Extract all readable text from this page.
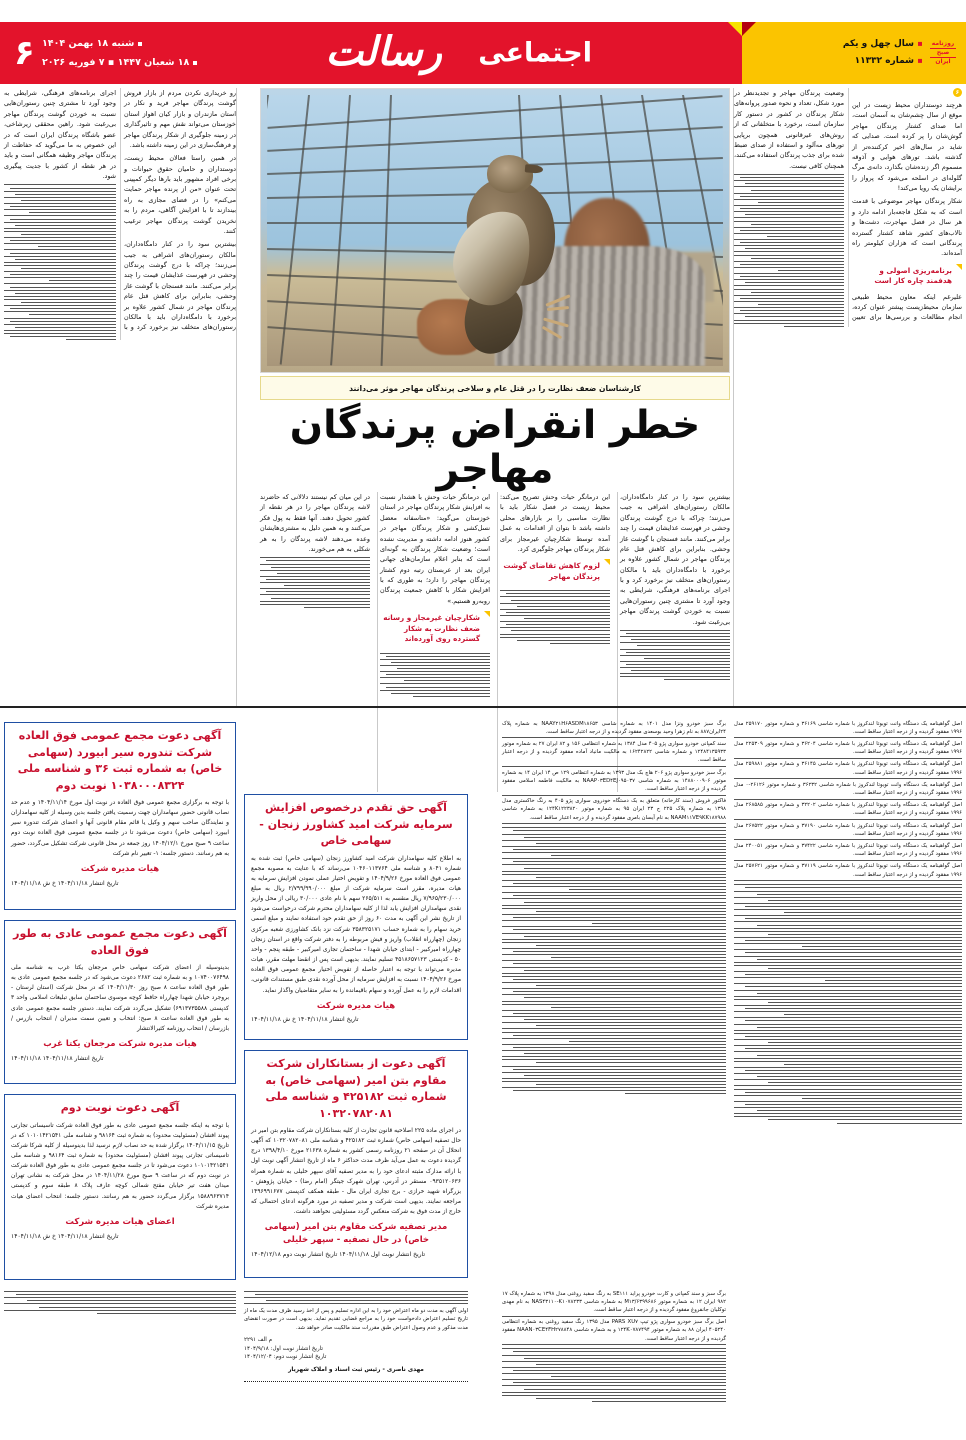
روزنامه
صبح
ایران
سال چهل و یکم
شماره ۱۱۳۳۲
رسالت اجتماعی
۶ شنبه ۱۸ بهمن ۱۴۰۴
۱۸ شعبان ۱۴۴۷ ▪ ۷ فوریه ۲۰۲۶
۶
هرچند دوستداران محیط زیست در این موقع از سال چشم‌شان به آسمان است، اما صدای کشتار پرندگان مهاجر گوش‌شان را پر کرده است. صدایی که شاید در سال‌های اخیر کرکننده‌تر از گذشته باشد. تورهای هوایی و آذوقه مسموم اگر زنده‌شان بگذارد، دانه‌ی مرگ گلوله‌ای در اسلحه می‌شود که پرواز را برایشان یک رویا می‌کند!
شکار پرندگان مهاجر موضوعی با قدمت است که به شکل فاجعه‌بار ادامه دارد و هر سال در فصل مهاجرت، دشت‌ها و تالاب‌های کشور شاهد کشتار گسترده پرندگانی است که هزاران کیلومتر راه آمده‌اند.
برنامه‌ریزی اصولی و هدفمند چاره کار است
علیرغم اینکه معاون محیط طبیعی سازمان محیط‌زیست پیشتر عنوان کرده، انجام مطالعات و بررسی‌ها برای تعیین وضعیت پرندگان مهاجر و تجدیدنظر در مورد شکل، تعداد و نحوه صدور پروانه‌های شکار پرندگان در کشور در دستور کار سازمان است، برخورد با متخلفانی که از روش‌های غیرقانونی همچون برپایی تورهای مه‌آلود و استفاده از صدای ضبط شده برای جذب پرندگان استفاده می‌کنند، همچنان کافی نیست.
کارشناسان ضعف نظارت را در قتل عام و سلاخی پرندگان مهاجر موثر می‌دانند
خطر انقراض پرندگان مهاجر
بیشترین سود را در کنار دامگاه‌داران، مالکان رستوران‌های اشرافی به جیب می‌زنند؛ چراکه با درج گوشت پرندگان وحشی در فهرست غذایشان قیمت را چند برابر می‌کنند. مانند فسنجان با گوشت غاز وحشی. بنابراین برای کاهش قتل عام پرندگان مهاجر در شمال کشور علاوه بر برخورد با دامگاه‌داران باید با مالکان رستوران‌های متخلف نیز برخورد کرد و با اجرای برنامه‌های فرهنگی، شرایطی به وجود آورد تا مشتری چنین رستوران‌هایی نسبت به خوردن گوشت پرندگان مهاجر بی‌رغبت شود.
این درمانگر حیات وحش تصریح می‌کند: محیط زیست در فصل شکار باید با نظارت مناسبی را بر بازارهای محلی داشته باشد تا بتوان از اقدامات به عمل آمده توسط شکارچیان غیرمجاز برای شکار پرندگان مهاجر جلوگیری کرد.
لزوم کاهش تقاضای گوشت پرندگان مهاجر
این درمانگر حیات وحش با هشدار نسبت به افزایش شکار پرندگان مهاجر در استان خوزستان می‌گوید: «متاسفانه معضل نسل‌کشی و شکار پرندگان مهاجر در کشور هنوز ادامه داشته و مدیریت نشده است؛ وضعیت شکار پرندگان به گونه‌ای است که بنابر اعلام سازمان‌های جهانی ایران بعد از عربستان رتبه دوم کشتار پرندگان مهاجر را دارد؛ به طوری که با افزایش شکار با کاهش جمعیت پرندگان روبه‌رو هستیم.»
شکارچیان غیرمجاز و رسانه ضعف نظارت به شکار گسترده روی آورده‌اند
در این میان کم نیستند دلالانی که حاضرند لاشه پرندگان مهاجر را در هر نقطه از کشور تحویل دهند. آنها فقط به پول فکر می‌کنند و به همین دلیل به مشتری‌هایشان وعده می‌دهند لاشه پرندگان را به هر شکلی به هم می‌خورند.
رو خریداری نکردن مردم از بازار فروش گوشت پرندگان مهاجر فرید و نکار در استان مازندران و بازار کیان اهواز استان خوزستان می‌تواند نقش مهم و تاثیرگذاری در زمینه جلوگیری از شکار پرندگان مهاجر و فرهنگ‌سازی در این زمینه داشته باشد.
در همین راستا فعالان محیط زیست، دوستداران و حامیان حقوق حیوانات و برخی افراد مشهور باید بارها دیگر کمپینی تحت عنوان «من از پرنده مهاجر حمایت می‌کنم» را در فضای مجازی به راه بیندازند تا با افزایش آگاهی، مردم را به نخریدن گوشت پرندگان مهاجر ترغیب کنند.
بیشترین سود را در کنار دامگاه‌داران، مالکان رستوران‌های اشرافی به جیب می‌زنند؛ چراکه با درج گوشت پرندگان وحشی در فهرست غذایشان قیمت را چند برابر می‌کنند. مانند فسنجان با گوشت غاز وحشی، بنابراین برای کاهش قتل عام پرندگان مهاجر در شمال کشور علاوه بر برخورد با دامگاه‌داران باید با مالکان رستوران‌های متخلف نیز برخورد کرد و با اجرای برنامه‌های فرهنگی، شرایطی به وجود آورد تا مشتری چنین رستوران‌هایی نسبت به خوردن گوشت پرندگان مهاجر بی‌رغبت شود. راهین محققی زیرشاخی، عضو باشگاه پرندگان ایران است که در این خصوص به ما می‌گوید که حفاظت از پرندگان مهاجر وظیفه همگانی است و باید در هر نقطه از کشور با جدیت پیگیری شود.
آگهی دعوت مجمع عمومی فوق العاده شرکت تندوره سیر ابیورد (سهامی خاص) به شماره ثبت ۳۶ و شناسه ملی ۱۰۳۸۰۰۰۸۳۲۴ نوبت دوم
با توجه به برگزاری مجمع عمومی فوق العاده در نوبت اول مورخ ۱۴۰۴/۱۱/۱۴ و عدم حد نصاب قانونی حضور سهامداران جهت رسمیت یافتن جلسه بدین وسیله از کلیه سهامداران و نمایندگان صاحب سهم و وکیل یا قائم مقام قانونی آنها و اعضای شرکت تندوره سیر ابیورد (سهامی خاص) دعوت می‌شود تا در جلسه مجمع عمومی فوق العاده نوبت دوم ساعت ۹ صبح مورخ ۱۴۰۴/۱۲/۱ روز جمعه در محل قانونی شرکت تشکیل می‌گردد، حضور به هم رسانند. دستور جلسه: ۱- تغییر نام شرکت
هیات مدیره شرکت
تاریخ انتشار ۱۴۰۴/۱۱/۱۸ خ ش ۱۴۰۴/۱۱/۱۸
آگهی دعوت مجمع عمومی عادی به طور فوق العاده
بدینوسیله از اعضای شرکت سهامی خاص مرجعان یکتا غرب به شناسه ملی ۱۰۷۴۰۰۷۶۴۹۸ و به شماره ثبت ۲۶۸۲ دعوت می‌شود که در جلسه مجمع عمومی عادی به طور فوق العاده ساعت ۸ صبح روز ۱۴۰۴/۱۱/۳۰ که در محل شرکت (استان لرستان - بروجرد خیابان شهدا چهارراه حافظ کوچه موسوی ساختمان سابق تبلیغات اسلامی واحد ۳ کدپستی ۶۹۱۳۷۳۵۵۸۸) تشکیل می‌گردد شرکت نمایند. دستور جلسه مجمع عمومی عادی به طور فوق العاده ساعت ۸ صبح: انتخاب و تعیین سمت مدیران / انتخاب بازرس / بازرسان / انتخاب روزنامه کثیرالانتشار
هیات مدیره شرکت مرجعان یکتا غرب
تاریخ انتشار ۱۴۰۴/۱۱/۱۸ ۱۴۰۴/۱۱/۱۸
آگهی دعوت نوبت دوم
با توجه به اینکه جلسه مجمع عمومی عادی به طور فوق العاده شرکت تاسیساتی تجارتی پیوند افشان (مسئولیت محدود) به شماره ثبت ۹۸۱۶۴ و شناسه ملی ۱۰۱۰۱۴۲۱۵۴۱ که در تاریخ ۱۴۰۴/۱۱/۱۵ برگزار شده به حد نصاب لازم نرسید لذا بدینوسیله از کلیه شرکا شرکت تاسیساتی تجارتی پیوند افشان (مسئولیت محدود) به شماره ثبت ۹۸۱۶۴ و شناسه ملی ۱۰۱۰۱۴۲۱۵۴۱ دعوت می‌شود تا در جلسه مجمع عمومی عادی به طور فوق العاده شرکت در نوبت دوم که در ساعت ۹ صبح مورخ ۱۴۰۴/۱۱/۲۸ در محل شرکت به نشانی تهران میدان هفت تیر خیابان مفتح شمالی کوچه عارف پلاک ۸ طبقه سوم و کدپستی ۱۵۸۸۹۶۳۷۱۴ برگزار می‌گردد حضور به هم رسانند. دستور جلسه: انتخاب اعضای هیات مدیره شرکت
اعضای هیات مدیره شرکت
تاریخ انتشار ۱۴۰۴/۱۱/۱۸ خ ش ۱۴۰۴/۱۱/۱۸
آگهی حق تقدم درخصوص افزایش سرمایه شرکت امید کشاورز زنجان - سهامی خاص
به اطلاع کلیه سهامداران شرکت امید کشاورز زنجان (سهامی خاص) ثبت شده به شماره ۸۰۴۱ و شناسه ملی ۱۰۴۶۰۱۱۳۷۶۴ می‌رساند که با عنایت به مصوبه مجمع عمومی فوق العاده مورخ ۱۴۰۴/۹/۲۶ و تفویض اختیار عملی نمودن افزایش سرمایه به هیات مدیره، مقرر است سرمایه شرکت از مبلغ ۲/۷۹۹/۹۹۰/۰۰۰ ریال به مبلغ ۷/۹۶۵/۲۳۰/۰۰۰ ریال منقسم به ۲۶۵/۵۱۱ سهم با نام عادی ۳۰/۰۰۰ ریالی از محل واریز نقدی سهامداران افزایش یابد لذا از کلیه سهامداران محترم شرکت درخواست می‌شود از تاریخ نشر این آگهی به مدت ۶۰ روز از حق تقدم خود استفاده نمایند و مبلغ اسمی خرید سهام را به شماره حساب ۳۵۸۳۲۵۱۷۱ شرکت نزد بانک کشاورزی شعبه مرکزی زنجان (چهارراه انقلاب) واریز و فیش مربوطه را به دفتر شرکت واقع در استان زنجان چهارراه امیرکبیر - ابتدای خیابان شهدا - ساختمان تجاری امیرکبیر - طبقه پنجم - واحد ۵۰ - کدپستی ۴۵۱۸۶۵۷۱۲۳ تسلیم نمایند. بدیهی است پس از انقضا مهلت مقرر، هیات مدیره می‌تواند با توجه به اعتبار حاصله از تفویض اختیار مجمع عمومی فوق العاده مورخ ۱۴۰۴/۹/۲۶ نسبت به افزایش سرمایه از محل آورده نقدی طبق مستندات قانونی، اقدامات لازم را به عمل آورده و سهام باقیمانده را به سایر متقاضیان واگذار نماید.
هیات مدیره شرکت
تاریخ انتشار ۱۴۰۴/۱۱/۱۸ خ ش ۱۴۰۴/۱۱/۱۸
آگهی دعوت از بستانکاران شرکت مقاوم بتن امیر (سهامی خاص) به شماره ثبت ۴۲۵۱۸۲ و شناسه ملی ۱۰۳۲۰۷۸۲۰۸۱
در اجرای ماده ۲۲۵ اصلاحیه قانون تجارت از کلیه بستانکاران شرکت مقاوم بتن امیر در حال تصفیه (سهامی خاص) شماره ثبت ۴۲۵۱۸۲ و شناسه ملی ۱۰۳۲۰۷۸۲۰۸۱ که آگهی انحلال آن در صفحه ۲۱ روزنامه رسمی کشور به شماره ۲۱۶۳۸ مورخ ۱۳۹۸/۴/۱۰ درج گردیده دعوت به عمل می‌آید ظرف مدت حداکثر ۶ ماه از تاریخ انتشار آگهی نوبت اول با ارائه مدارک مثبته ادعای خود را به مدیر تصفیه آقای سپهر خلیلی به شماره همراه ۰۹۳۵۱۲۰۶۳۶ مستقر در آدرس، تهران شهرک جیتگر (امام رضا) - خیابان پژوهش - بزرگراه شهید خرازی - برج تجاری ایران مال - طبقه همکف کدپستی ۱۴۹۶۹۹۱۶۷۷ مراجعه نمایند. بدیهی است شرکت و مدیر تصفیه در مورد هرگونه ادعای احتمالی که خارج از مدت فوق به شرکت منعکس گردد مسئولیتی نخواهند داشت.
مدیر تصفیه شرکت مقاوم بتن امیر (سهامی خاص) در حال تصفیه - سپهر خلیلی
تاریخ انتشار نوبت اول ۱۴۰۴/۱۱/۱۸ تاریخ انتشار نوبت دوم ۱۴۰۴/۱۲/۱۸
اصل گواهینامه یک دستگاه وانت تویوتا لندکروز با شماره شاسی ۳۶۱۶۹ و شماره موتور ۲۵۹۱۷۰ مدل ۱۹۹۶ مفقود گردیده و از درجه اعتبار ساقط است.
اصل گواهینامه یک دستگاه وانت تویوتا لندکروز با شماره شاسی ۳۶۲۰۴ و شماره موتور ۲۲۵۳۰۹ مدل ۱۹۹۶ مفقود گردیده و از درجه اعتبار ساقط است.
اصل گواهینامه یک دستگاه وانت تویوتا لندکروز با شماره شاسی ۳۶۱۴۵ و شماره موتور ۲۵۹۸۸۱ مدل ۱۹۹۶ مفقود گردیده و از درجه اعتبار ساقط است.
اصل گواهینامه یک دستگاه وانت تویوتا لندکروز با شماره شاسی ۳۶۲۳۲ و شماره موتور ۲۶۱۲۶-۰ مدل ۱۹۹۶ مفقود گردیده و از درجه اعتبار ساقط است.
اصل گواهینامه یک دستگاه وانت تویوتا لندکروز با شماره شاسی ۳۲۲۰۲ و شماره موتور ۲۶۸۵۸۵ مدل ۱۹۹۶ مفقود گردیده و از درجه اعتبار ساقط است.
اصل گواهینامه یک دستگاه وانت تویوتا لندکروز با شماره شاسی ۳۷۱۹۰ و شماره موتور ۲۶۷۵۲۲ مدل ۱۹۹۶ مفقود گردیده و از درجه اعتبار ساقط است.
اصل گواهینامه یک دستگاه وانت تویوتا لندکروز با شماره شاسی ۳۷۴۲۲ و شماره موتور ۲۴۰۰۵۱ مدل ۱۹۹۶ مفقود گردیده و از درجه اعتبار ساقط است.
اصل گواهینامه یک دستگاه وانت تویوتا لندکروز با شماره شاسی ۳۷۱۱۹ و شماره موتور ۲۵۷۶۲۱ مدل ۱۹۹۶ مفقود گردیده و از درجه اعتبار ساقط است.
برگ سبز خودرو ونزا مدل ۱۴۰۱ به شماره شاسی NAAY۲۱H۶ASDM۱۸۶۵۳ به شماره پلاک ۲۴ایران۸۸۷ به نام زهرا وحید بوسعدی مفقود گردیده و از درجه اعتبار ساقط است.
سند کمپانی خودرو سواری پژو ۴۰۵ مدل ۱۳۸۴ به شماره انتظامی ۱۵۶ و ۸۲ ایران ۲۷ به شماره موتور ۱۲۴۸۴۱۳۵۹۳۳ و شماره شاسی ۱۶۲۴۲۸۲۲ به مالکیت مانیاد آماده مفقود گردیده و از درجه اعتبار ساقط است.
برگ سبز خودرو سواری پژو ۲۰۶ هاچ بک مدل ۱۳۹۳ به شماره انتظامی ۱۲۹ ص ۱۴ ایران ۱۴ به شماره موتور ۱۴۸۸۰۰۰۹۰۶ به شماره شاسی NAAP۰۳ED۴EJ۰۹۵۰۳۷ به مالکیت فاطمه اسلامی مفقود گردیده و از درجه اعتبار ساقط است.
فاکتور فروش (سند کارخانه) متعلق به یک دستگاه خودروی سواری پژو ۴۰۵ به رنگ خاکستری مدل ۱۳۹۸ به شماره پلاک ۲۲۵ ج ۲۳ ایران ۹۵ به شماره موتور ۱۲۴K۱۲۲۳۸۲۰ به شماره شاسی NAAM۱۱VE۹KK۱۸۷۹۸۸ به نام آیسان بامری مفقود گردیده و از درجه اعتبار ساقط است.
برگ سبز و سند کمپانی و کارت خودرو پراید SE۱۱۱ به رنگ سفید روغنی مدل ۱۳۹۸ به شماره پلاک ۱۷ ۹۸۲ ایران ۱۲ به شماره موتور M۱۳/۶۳۹۹۶۸۶ به شماره شاسی NAS۴۳۱۱۰-K۱۰۷۸۲۳۳ به نام مهدی توکلیان جانفروغ مفقود گردیده و از درجه اعتبار ساقط است.
اصل برگ سبز خودرو سواری پژو تیپ PARS XU۷ مدل ۱۳۹۵ رنگ سفید روغنی به شماره انتظامی ۴۰۵۲۴۰ ایران ۸۸ به شماره موتور ۱۲۴K۰۷۸۷۴۹۴ و به شماره شاسی NAAN۰۳CE۴FH۲۷۸۸۴۸ مفقود گردیده و از درجه اعتبار ساقط است.
اولی آگهی به مدت دو ماه اعتراض خود را به این اداره تسلیم و پس از اخذ رسید ظرف مدت یک ماه از تاریخ تسلیم اعتراض دادخواست خود را به مراجع قضایی تقدیم نماید. بدیهی است در صورت انقضای مدت مذکور و عدم وصول اعتراض طبق مقررات سند مالکیت صادر خواهد شد.
م الف ۲۲۹۱
تاریخ انتشار نوبت اول: ۱۴۰۴/۹/۱۸
تاریخ انتشار نوبت دوم: ۱۴۰۴/۱۲/۰۴
مهدی ناصری - رئیس ثبت اسناد و املاک شهریار
